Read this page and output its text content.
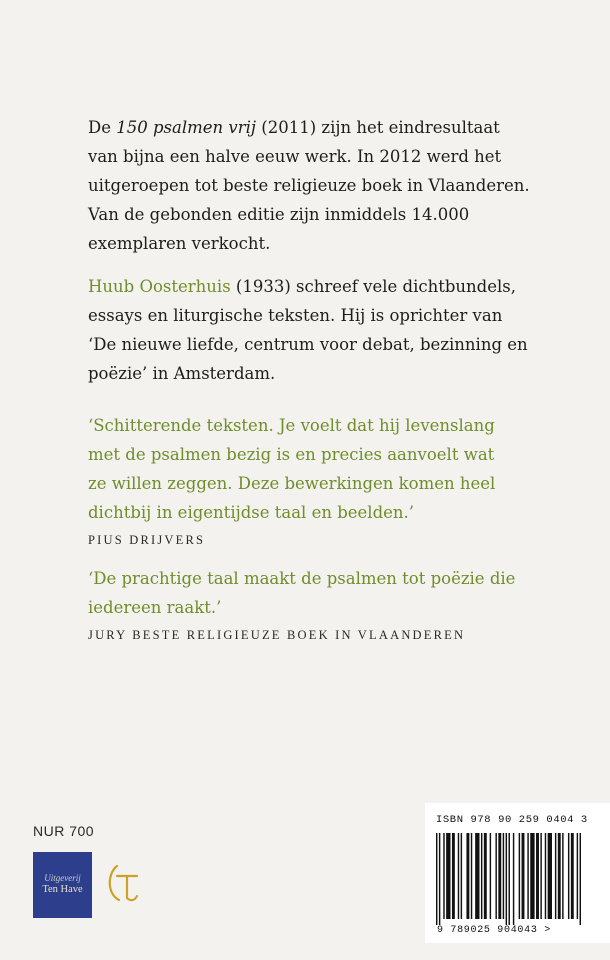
De 150 psalmen vrij (2011) zijn het eindresultaat

van bijna een halve eeuw werk. In 2012 werd het

uitgeroepen tot beste religieuze boek in Vlaanderen.

Van de gebonden editie zijn inmiddels 14.000

exemplaren verkocht.

Huub Oosterhuis (1933) schreef vele dichtbundels,

essays en liturgische teksten. Hij is oprichter van

‘De nieuwe liefde, centrum voor debat, bezinning en

poëzie’ in Amsterdam.

‘Schitterende teksten. Je voelt dat hij levenslang

met de psalmen bezig is en precies aanvoelt wat

ze willen zeggen. Deze bewerkingen komen heel

dichtbij in eigentijdse taal en beelden.’

PIUS DRIJVERS

‘De prachtige taal maakt de psalmen tot poëzie die

iedereen raakt.’

JURY BESTE RELIGIEUZE BOEK IN VLAANDEREN

NUR 700
Uitgeverij
Ten Have
ISBN 978 90 259 0404 3
9 789025 904043 >
